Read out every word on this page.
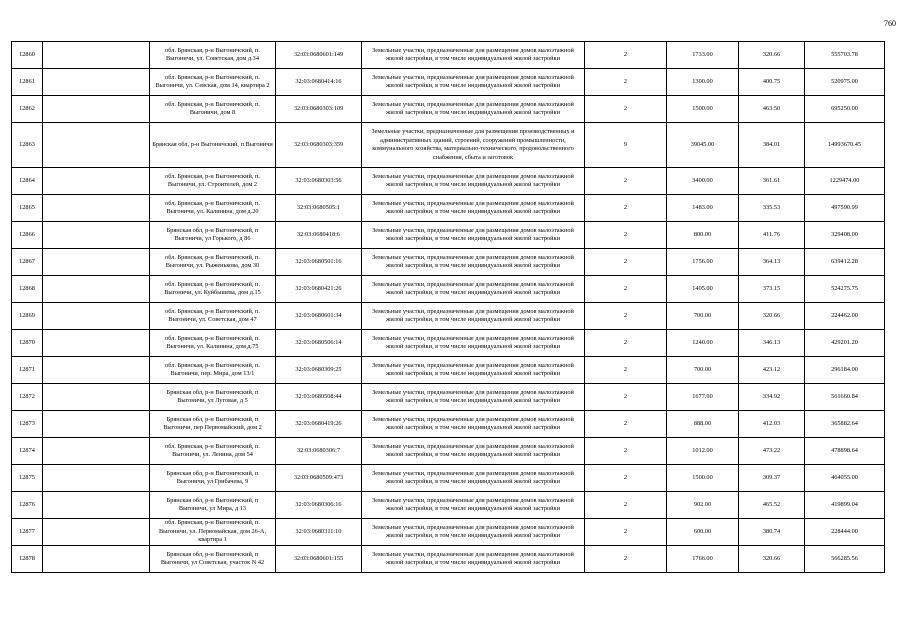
760
12860		обл. Брянская, р-н Выгоничский, п. Выгоничи, ул. Советская, дом д.34	32:03:0680601:149	Земельные участки, предназначенные для размещения домов малоэтажной жилой застройки, в том числе индивидуальной жилой застройки	2	1733.00	320.66	555703.78
12861		обл. Брянская, р-н Выгоничский, п. Выгоничи, ул. Севская, дом 14, квартира 2	32:03:0680414:16	Земельные участки, предназначенные для размещения домов малоэтажной жилой застройки, в том числе индивидуальной жилой застройки	2	1300.00	400.75	520975.00
12862		обл. Брянская, р-н Выгоничский, п. Выгоничи, дом 8	32:03:0680303:109	Земельные участки, предназначенные для размещения домов малоэтажной жилой застройки, в том числе индивидуальной жилой застройки	2	1500.00	463.50	695250.00
12863		Брянская обл, р-н Выгоничский, п Выгоничи	32:03:0680303:359	Земельные участки, предназначенные для размещения производственных и административных зданий, строений, сооружений промышленности, коммунального хозяйства, материально-технического, продовольственного снабжения, сбыта и заготовок	9	39045.00	384.01	14993670.45
12864		обл. Брянская, р-н Выгоничский, п. Выгоничи, ул. Строителей, дом 2	32:03:0680303:56	Земельные участки, предназначенные для размещения домов малоэтажной жилой застройки, в том числе индивидуальной жилой застройки	2	3400.00	361.61	1229474.00
12865		обл. Брянская, р-н Выгоничский, п. Выгоничи, ул. Калинина, дом д.20	32:03:0680505:1	Земельные участки, предназначенные для размещения домов малоэтажной жилой застройки, в том числе индивидуальной жилой застройки	2	1483.00	335.53	497590.99
12866		Брянская обл, р-н Выгоничский, п Выгоничи, ул Горького, д 86	32:03:0680418:6	Земельные участки, предназначенные для размещения домов малоэтажной жилой застройки, в том числе индивидуальной жилой застройки	2	800.00	411.76	329408.00
12867		обл. Брянская, р-н Выгоничский, п. Выгоничи, ул. Рыженькова, дом 30	32:03:0680501:16	Земельные участки, предназначенные для размещения домов малоэтажной жилой застройки, в том числе индивидуальной жилой застройки	2	1756.00	364.13	639412.28
12868		обл. Брянская, р-н Выгоничский, п. Выгоничи, ул. Куйбышева, дом д.15	32:03:0680421:26	Земельные участки, предназначенные для размещения домов малоэтажной жилой застройки, в том числе индивидуальной жилой застройки	2	1405.00	373.15	524275.75
12869		обл. Брянская, р-н Выгоничский, п. Выгоничи, ул. Советская, дом 47	32:03:0680601:34	Земельные участки, предназначенные для размещения домов малоэтажной жилой застройки, в том числе индивидуальной жилой застройки	2	700.00	320.66	224462.00
12870		обл. Брянская, р-н Выгоничский, п. Выгоничи, ул. Калинина, дом д.75	32:03:0680506:14	Земельные участки, предназначенные для размещения домов малоэтажной жилой застройки, в том числе индивидуальной жилой застройки	2	1240.00	346.13	429201.20
12871		обл. Брянская, р-н Выгоничский, п. Выгоничи, пер. Мира, дом 13/1	32:03:0680309:25	Земельные участки, предназначенные для размещения домов малоэтажной жилой застройки, в том числе индивидуальной жилой застройки	2	700.00	423.12	296184.00
12872		Брянская обл, р-н Выгоничский, п Выгоничи, ул Луговая, д 5	32:03:0680508:44	Земельные участки, предназначенные для размещения домов малоэтажной жилой застройки, в том числе индивидуальной жилой застройки	2	1677.00	334.92	561660.84
12873		Брянская обл, р-н Выгоничский, п Выгоничи, пер Первомайский, дом 2	32:03:0680419:26	Земельные участки, предназначенные для размещения домов малоэтажной жилой застройки, в том числе индивидуальной жилой застройки	2	888.00	412.03	365882.64
12874		обл. Брянская, р-н Выгоничский, п. Выгоничи, ул. Ленина, дом 54	32:03:0680306:7	Земельные участки, предназначенные для размещения домов малоэтажной жилой застройки, в том числе индивидуальной жилой застройки	2	1012.00	473.22	478898.64
12875		Брянская обл, р-н Выгоничский, п Выгоничи, ул Грибачева, 9	32:03:0680509:473	Земельные участки, предназначенные для размещения домов малоэтажной жилой застройки, в том числе индивидуальной жилой застройки	2	1500.00	309.37	464055.00
12876		Брянская обл, р-н Выгоничский, п Выгоничи, ул Мира, д 13	32:03:0680306:16	Земельные участки, предназначенные для размещения домов малоэтажной жилой застройки, в том числе индивидуальной жилой застройки	2	902.00	465.52	419899.04
12877		обл. Брянская, р-н Выгоничский, п. Выгоничи, ул. Первомайская, дом 26-А, квартира 1	32:03:0680311:10	Земельные участки, предназначенные для размещения домов малоэтажной жилой застройки, в том числе индивидуальной жилой застройки	2	600.00	380.74	228444.00
12878		Брянская обл, р-н Выгоничский, п Выгоничи, ул Советская, участок N 42	32:03:0680601:155	Земельные участки, предназначенные для размещения домов малоэтажной жилой застройки, в том числе индивидуальной жилой застройки	2	1766.00	320.66	566285.56
